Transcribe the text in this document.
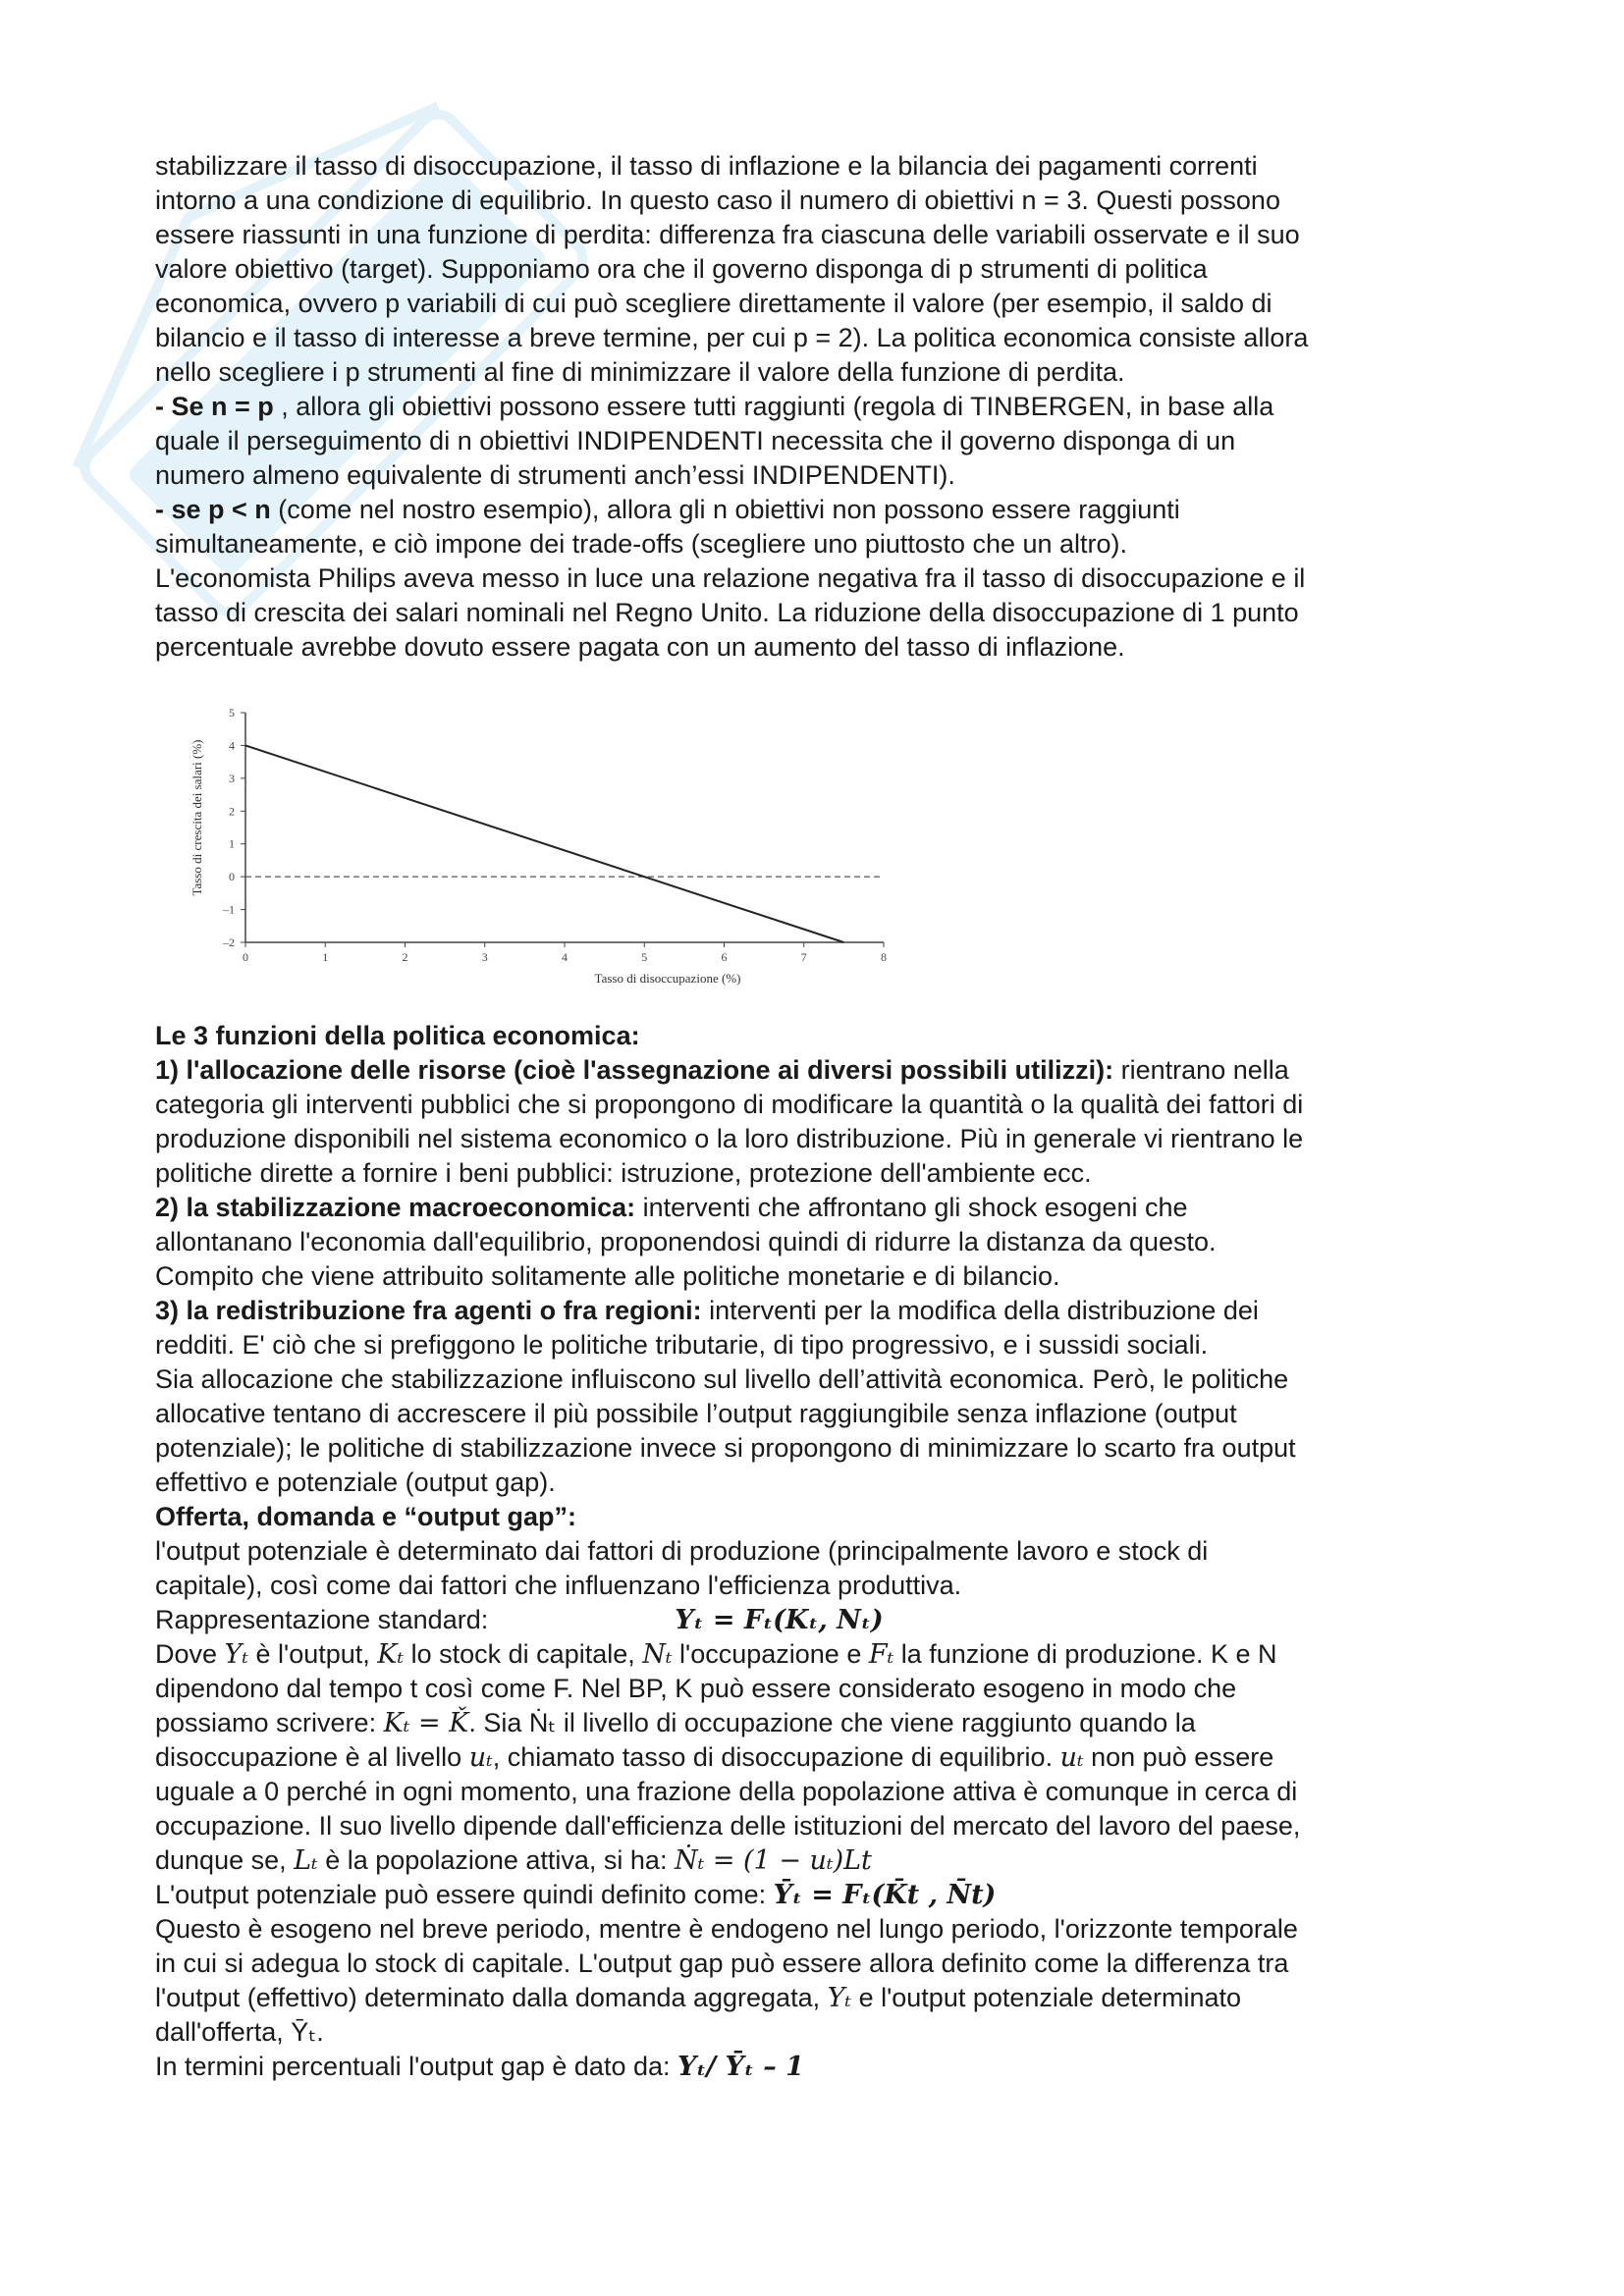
stabilizzare il tasso di disoccupazione, il tasso di inflazione e la bilancia dei pagamenti correnti

intorno a una condizione di equilibrio. In questo caso il numero di obiettivi n = 3. Questi possono

essere riassunti in una funzione di perdita: differenza fra ciascuna delle variabili osservate e il suo

valore obiettivo (target). Supponiamo ora che il governo disponga di p strumenti di politica

economica, ovvero p variabili di cui può scegliere direttamente il valore (per esempio, il saldo di

bilancio e il tasso di interesse a breve termine, per cui p = 2). La politica economica consiste allora

nello scegliere i p strumenti al fine di minimizzare il valore della funzione di perdita.

- Se n = p , allora gli obiettivi possono essere tutti raggiunti (regola di TINBERGEN, in base alla

quale il perseguimento di n obiettivi INDIPENDENTI necessita che il governo disponga di un

numero almeno equivalente di strumenti anch’essi INDIPENDENTI).

- se p < n (come nel nostro esempio), allora gli n obiettivi non possono essere raggiunti

simultaneamente, e ciò impone dei trade-offs (scegliere uno piuttosto che un altro).

L'economista Philips aveva messo in luce una relazione negativa fra il tasso di disoccupazione e il

tasso di crescita dei salari nominali nel Regno Unito. La riduzione della disoccupazione di 1 punto

percentuale avrebbe dovuto essere pagata con un aumento del tasso di inflazione.

0	1	2	3	4	5	6	7	8
–2
–1
0
1
2
3
4
5
Tasso di disoccupazione (%)
Tasso di crescita dei salari (%)

Le 3 funzioni della politica economica:

1) l'allocazione delle risorse (cioè l'assegnazione ai diversi possibili utilizzi): rientrano nella

categoria gli interventi pubblici che si propongono di modificare la quantità o la qualità dei fattori di

produzione disponibili nel sistema economico o la loro distribuzione. Più in generale vi rientrano le

politiche dirette a fornire i beni pubblici: istruzione, protezione dell'ambiente ecc.

2) la stabilizzazione macroeconomica: interventi che affrontano gli shock esogeni che

allontanano l'economia dall'equilibrio, proponendosi quindi di ridurre la distanza da questo.

Compito che viene attribuito solitamente alle politiche monetarie e di bilancio.

3) la redistribuzione fra agenti o fra regioni: interventi per la modifica della distribuzione dei

redditi. E' ciò che si prefiggono le politiche tributarie, di tipo progressivo, e i sussidi sociali.

Sia allocazione che stabilizzazione influiscono sul livello dell’attività economica. Però, le politiche

allocative tentano di accrescere il più possibile l’output raggiungibile senza inflazione (output

potenziale); le politiche di stabilizzazione invece si propongono di minimizzare lo scarto fra output

effettivo e potenziale (output gap).

Offerta, domanda e “output gap”:

l'output potenziale è determinato dai fattori di produzione (principalmente lavoro e stock di

capitale), così come dai fattori che influenzano l'efficienza produttiva.

Rappresentazione standard:	Yₜ = Fₜ(Kₜ, Nₜ)

Dove Yₜ è l'output, Kₜ lo stock di capitale, Nₜ l'occupazione e Fₜ la funzione di produzione. K e N

dipendono dal tempo t così come F. Nel BP, K può essere considerato esogeno in modo che

possiamo scrivere: Kₜ = Ǩ. Sia Ṅₜ il livello di occupazione che viene raggiunto quando la

disoccupazione è al livello uₜ, chiamato tasso di disoccupazione di equilibrio. uₜ non può essere

uguale a 0 perché in ogni momento, una frazione della popolazione attiva è comunque in cerca di

occupazione. Il suo livello dipende dall'efficienza delle istituzioni del mercato del lavoro del paese,

dunque se, Lₜ è la popolazione attiva, si ha: Ṅₜ = (1 − uₜ)Lt

L'output potenziale può essere quindi definito come: Ȳₜ = Fₜ(K̄t , N̄t)

Questo è esogeno nel breve periodo, mentre è endogeno nel lungo periodo, l'orizzonte temporale

in cui si adegua lo stock di capitale. L'output gap può essere allora definito come la differenza tra

l'output (effettivo) determinato dalla domanda aggregata, Yₜ e l'output potenziale determinato

dall'offerta, Ȳₜ.

In termini percentuali l'output gap è dato da: Yₜ/ Ȳₜ – 1
